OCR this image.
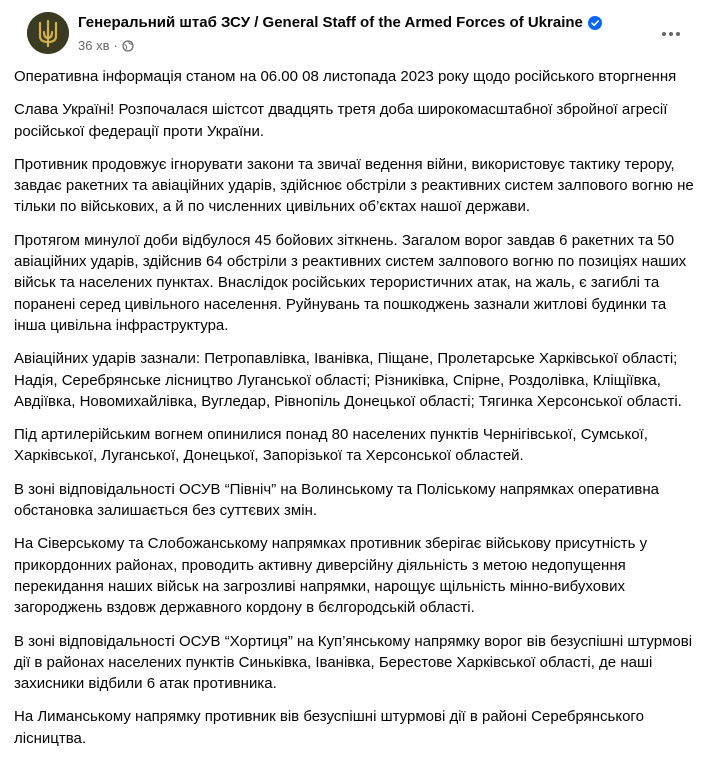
Генеральний штаб ЗСУ / General Staff of the Armed Forces of Ukraine
36 хв ·

Оперативна інформація станом на 06.00 08 листопада 2023 року щодо російського вторгнення

Слава Україні! Розпочалася шістсот двадцять третя доба широкомасштабної збройної агресії російської федерації проти України.

Противник продовжує ігнорувати закони та звичаї ведення війни, використовує тактику терору, завдає ракетних та авіаційних ударів, здійснює обстріли з реактивних систем залпового вогню не тільки по військових, а й по численних цивільних об’єктах нашої держави.

Протягом минулої доби відбулося 45 бойових зіткнень. Загалом ворог завдав 6 ракетних та 50 авіаційних ударів, здійснив 64 обстріли з реактивних систем залпового вогню по позиціях наших військ та населених пунктах. Внаслідок російських терористичних атак, на жаль, є загиблі та поранені серед цивільного населення. Руйнувань та пошкоджень зазнали житлові будинки та інша цивільна інфраструктура.

Авіаційних ударів зазнали: Петропавлівка, Іванівка, Піщане, Пролетарське Харківської області; Надія, Серебрянське лісництво Луганської області; Різниківка, Спірне, Роздолівка, Кліщіївка, Авдіївка, Новомихайлівка, Вугледар, Рівнопіль Донецької області; Тягинка Херсонської області.

Під артилерійським вогнем опинилися понад 80 населених пунктів Чернігівської, Сумської, Харківської, Луганської, Донецької, Запорізької та Херсонської областей.

В зоні відповідальності ОСУВ “Північ” на Волинському та Поліському напрямках оперативна обстановка залишається без суттєвих змін.

На Сіверському та Слобожанському напрямках противник зберігає військову присутність у прикордонних районах, проводить активну диверсійну діяльність з метою недопущення перекидання наших військ на загрозливі напрямки, нарощує щільність мінно-вибухових загороджень вздовж державного кордону в бєлгородській області.

В зоні відповідальності ОСУВ “Хортиця” на Куп’янському напрямку ворог вів безуспішні штурмові дії в районах населених пунктів Синьківка, Іванівка, Берестове Харківської області, де наші захисники відбили 6 атак противника.

На Лиманському напрямку противник вів безуспішні штурмові дії в районі Серебрянського лісництва.
